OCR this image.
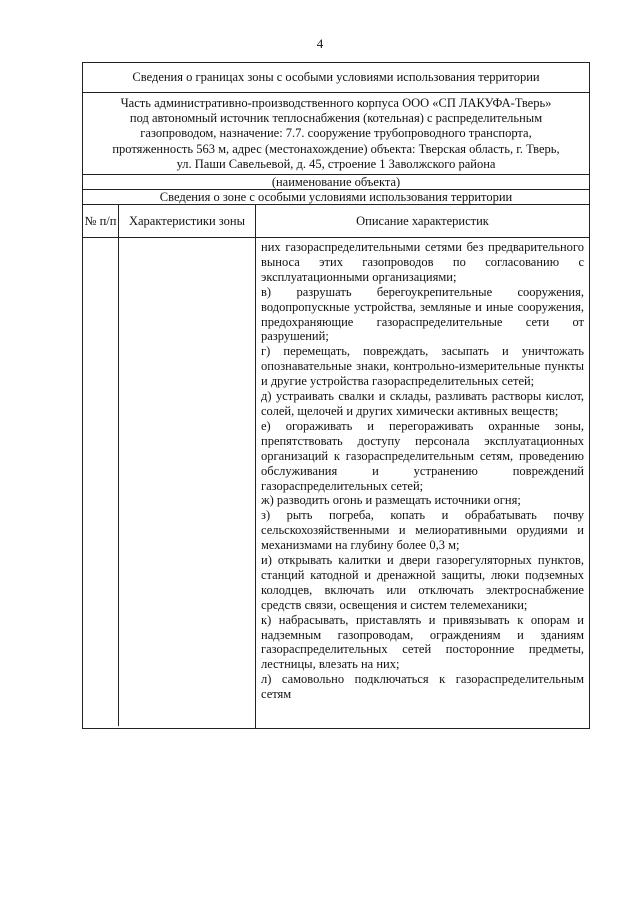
4
Сведения о границах зоны с особыми условиями использования территории
Часть административно-производственного корпуса ООО «СП ЛАКУФА-Тверь»
под автономный источник теплоснабжения (котельная) с распределительным
газопроводом, назначение: 7.7. сооружение трубопроводного транспорта,
протяженность 563 м, адрес (местонахождение) объекта: Тверская область, г. Тверь,
ул. Паши Савельевой, д. 45, строение 1 Заволжского района
(наименование объекта)
Сведения о зоне с особыми условиями использования территории
№ п/п	Характеристики зоны	Описание характеристик

них газораспределительными сетями без предварительного выноса этих газопроводов по согласованию с эксплуатационными организациями;

в) разрушать берегоукрепительные сооружения, водопропускные устройства, земляные и иные сооружения, предохраняющие газораспределительные сети от разрушений;

г) перемещать, повреждать, засыпать и уничтожать опознавательные знаки, контрольно-измерительные пункты и другие устройства газораспределительных сетей;

д) устраивать свалки и склады, разливать растворы кислот, солей, щелочей и других химически активных веществ;

е) огораживать и перегораживать охранные зоны, препятствовать доступу персонала эксплуатационных организаций к газораспределительным сетям, проведению обслуживания и устранению повреждений газораспределительных сетей;

ж) разводить огонь и размещать источники огня;

з) рыть погреба, копать и обрабатывать почву сельскохозяйственными и мелиоративными орудиями и механизмами на глубину более 0,3 м;

и) открывать калитки и двери газорегуляторных пунктов, станций катодной и дренажной защиты, люки подземных колодцев, включать или отключать электроснабжение средств связи, освещения и систем телемеханики;

к) набрасывать, приставлять и привязывать к опорам и надземным газопроводам, ограждениям и зданиям газораспределительных сетей посторонние предметы, лестницы, влезать на них;

л) самовольно подключаться к газораспределительным сетям
